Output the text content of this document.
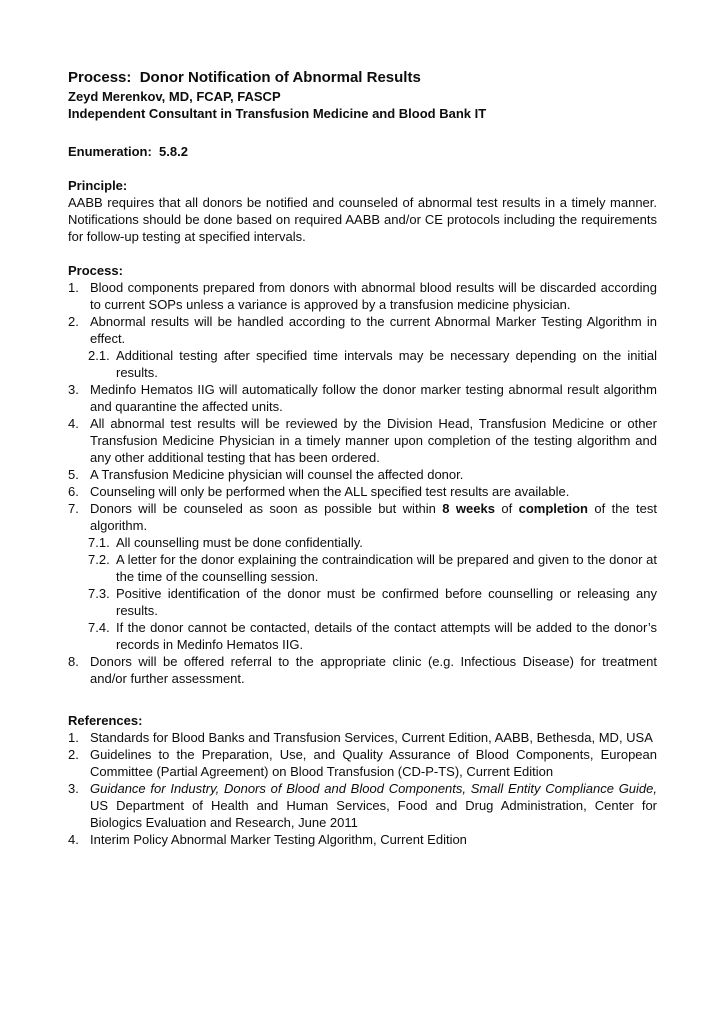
Process:  Donor Notification of Abnormal Results
Zeyd Merenkov, MD, FCAP, FASCP
Independent Consultant in Transfusion Medicine and Blood Bank IT
Enumeration:  5.8.2
Principle:
AABB requires that all donors be notified and counseled of abnormal test results in a timely manner. Notifications should be done based on required AABB and/or CE protocols including the requirements for follow-up testing at specified intervals.
Process:
1. Blood components prepared from donors with abnormal blood results will be discarded according to current SOPs unless a variance is approved by a transfusion medicine physician.
2. Abnormal results will be handled according to the current Abnormal Marker Testing Algorithm in effect.
2.1. Additional testing after specified time intervals may be necessary depending on the initial results.
3. Medinfo Hematos IIG will automatically follow the donor marker testing abnormal result algorithm and quarantine the affected units.
4. All abnormal test results will be reviewed by the Division Head, Transfusion Medicine or other Transfusion Medicine Physician in a timely manner upon completion of the testing algorithm and any other additional testing that has been ordered.
5. A Transfusion Medicine physician will counsel the affected donor.
6. Counseling will only be performed when the ALL specified test results are available.
7. Donors will be counseled as soon as possible but within 8 weeks of completion of the test algorithm.
7.1. All counselling must be done confidentially.
7.2. A letter for the donor explaining the contraindication will be prepared and given to the donor at the time of the counselling session.
7.3. Positive identification of the donor must be confirmed before counselling or releasing any results.
7.4. If the donor cannot be contacted, details of the contact attempts will be added to the donor’s records in Medinfo Hematos IIG.
8. Donors will be offered referral to the appropriate clinic (e.g. Infectious Disease) for treatment and/or further assessment.
References:
1. Standards for Blood Banks and Transfusion Services, Current Edition, AABB, Bethesda, MD, USA
2. Guidelines to the Preparation, Use, and Quality Assurance of Blood Components, European Committee (Partial Agreement) on Blood Transfusion (CD-P-TS), Current Edition
3. Guidance for Industry, Donors of Blood and Blood Components, Small Entity Compliance Guide, US Department of Health and Human Services, Food and Drug Administration, Center for Biologics Evaluation and Research, June 2011
4. Interim Policy Abnormal Marker Testing Algorithm, Current Edition
